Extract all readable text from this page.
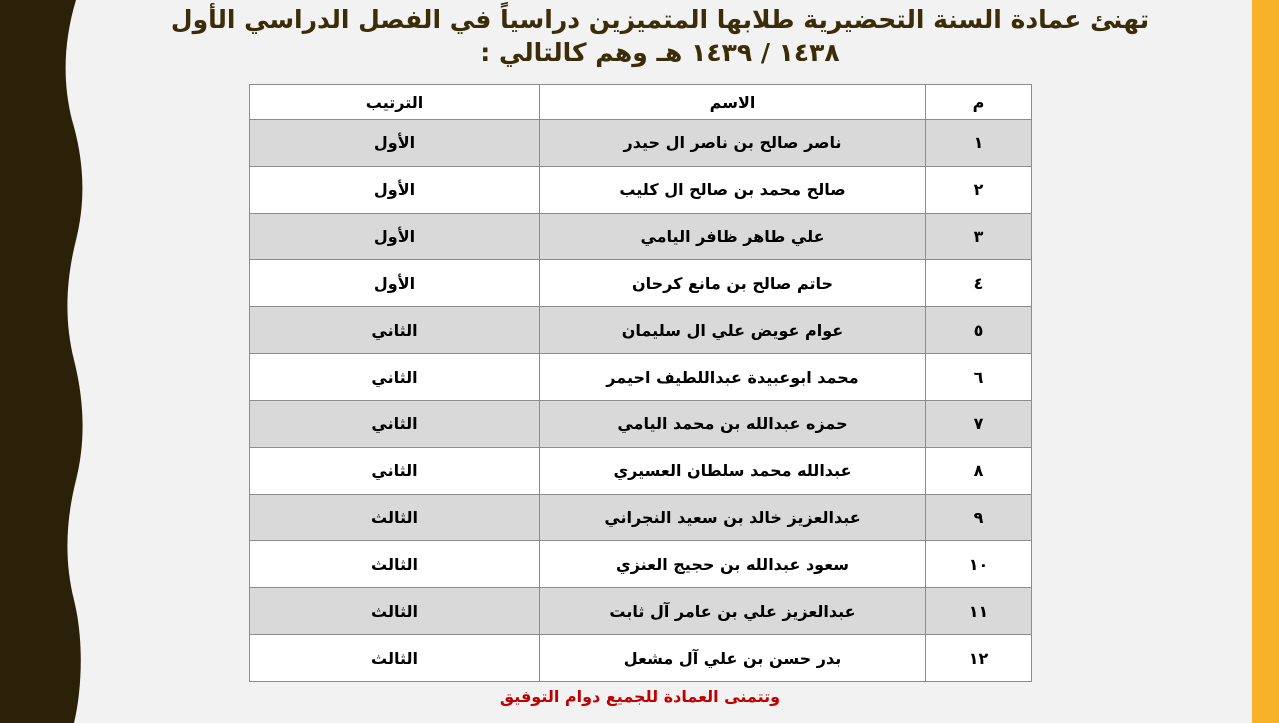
تهنئ عمادة السنة التحضيرية طلابها المتميزين دراسياً في الفصل الدراسي الأول
١٤٣٨ / ١٤٣٩ هـ وهم كالتالي :
م	الاسم	الترتيب
١	ناصر صالح بن ناصر ال حيدر	الأول
٢	صالح محمد بن صالح ال كليب	الأول
٣	علي طاهر ظافر اليامي	الأول
٤	حاتم صالح بن مانع كرحان	الأول
٥	عوام عويض علي ال سليمان	الثاني
٦	محمد ابوعبيدة عبداللطيف احيمر	الثاني
٧	حمزه عبدالله بن محمد اليامي	الثاني
٨	عبدالله محمد سلطان العسيري	الثاني
٩	عبدالعزيز خالد بن سعيد النجراني	الثالث
١٠	سعود عبدالله بن حجيج العنزي	الثالث
١١	عبدالعزيز علي بن عامر آل ثابت	الثالث
١٢	بدر حسن بن علي آل مشعل	الثالث
وتتمنى العمادة للجميع دوام التوفيق
